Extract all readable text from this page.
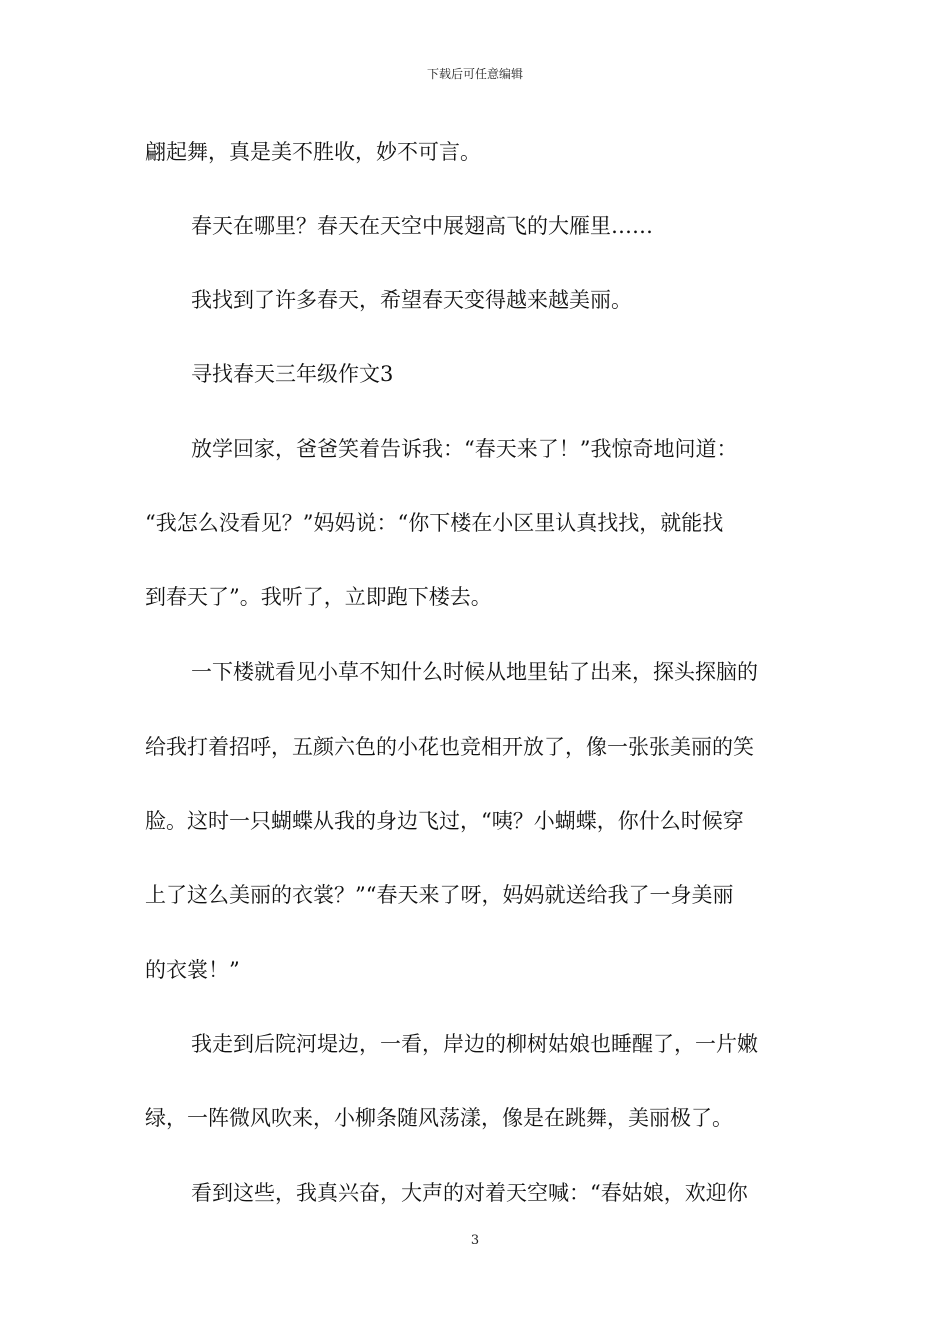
下载后可任意编辑
翩起舞，真是美不胜收，妙不可言。
春天在哪里？春天在天空中展翅高飞的大雁里……
我找到了许多春天，希望春天变得越来越美丽。
寻找春天三年级作文3
放学回家，爸爸笑着告诉我：“春天来了！”我惊奇地问道：
“我怎么没看见？”妈妈说：“你下楼在小区里认真找找，就能找
到春天了”。我听了，立即跑下楼去。
一下楼就看见小草不知什么时候从地里钻了出来，探头探脑的
给我打着招呼，五颜六色的小花也竞相开放了，像一张张美丽的笑
脸。这时一只蝴蝶从我的身边飞过，“咦？小蝴蝶，你什么时候穿
上了这么美丽的衣裳？”“春天来了呀，妈妈就送给我了一身美丽
的衣裳！”
我走到后院河堤边，一看，岸边的柳树姑娘也睡醒了，一片嫩
绿，一阵微风吹来，小柳条随风荡漾，像是在跳舞，美丽极了。
看到这些，我真兴奋，大声的对着天空喊：“春姑娘，欢迎你
3
